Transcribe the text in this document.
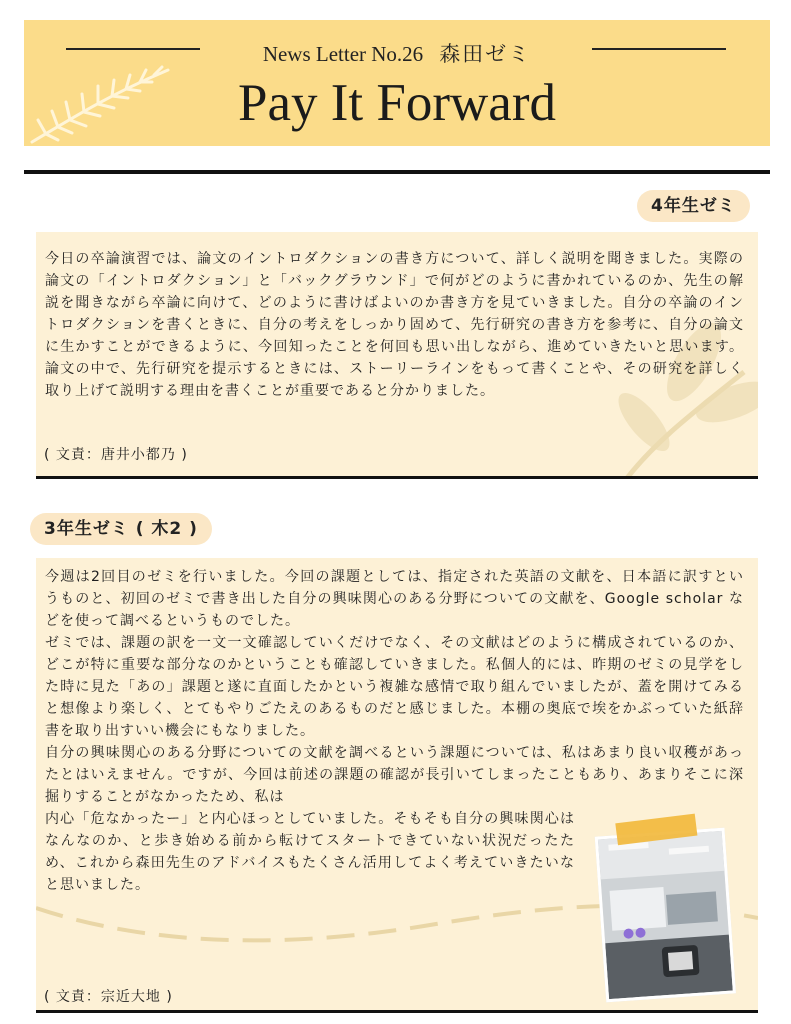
News Letter No.26 森田ゼミ
Pay It Forward
4年生ゼミ

今日の卒論演習では、論文のイントロダクションの書き方について、詳しく説明を聞きました。実際の論文の「イントロダクション」と「バックグラウンド」で何がどのように書かれているのか、先生の解説を聞きながら卒論に向けて、どのように書けばよいのか書き方を見ていきました。自分の卒論のイントロダクションを書くときに、自分の考えをしっかり固めて、先行研究の書き方を参考に、自分の論文に生かすことができるように、今回知ったことを何回も思い出しながら、進めていきたいと思います。論文の中で、先行研究を提示するときには、ストーリーラインをもって書くことや、その研究を詳しく取り上げて説明する理由を書くことが重要であると分かりました。

( 文責：唐井小都乃 )
3年生ゼミ ( 木2 )

今週は2回目のゼミを行いました。今回の課題としては、指定された英語の文献を、日本語に訳すというものと、初回のゼミで書き出した自分の興味関心のある分野についての文献を、Google scholar などを使って調べるというものでした。
ゼミでは、課題の訳を一文一文確認していくだけでなく、その文献はどのように構成されているのか、どこが特に重要な部分なのかということも確認していきました。私個人的には、昨期のゼミの見学をした時に見た「あの」課題と遂に直面したかという複雑な感情で取り組んでいましたが、蓋を開けてみると想像より楽しく、とてもやりごたえのあるものだと感じました。本棚の奥底で埃をかぶっていた紙辞書を取り出すいい機会にもなりました。
自分の興味関心のある分野についての文献を調べるという課題については、私はあまり良い収穫があったとはいえません。ですが、今回は前述の課題の確認が長引いてしまったこともあり、あまりそこに深掘りすることがなかったため、私は

内心「危なかったー」と内心ほっとしていました。そもそも自分の興味関心はなんなのか、と歩き始める前から転けてスタートできていない状況だったため、これから森田先生のアドバイスもたくさん活用してよく考えていきたいなと思いました。

( 文責：宗近大地 )
